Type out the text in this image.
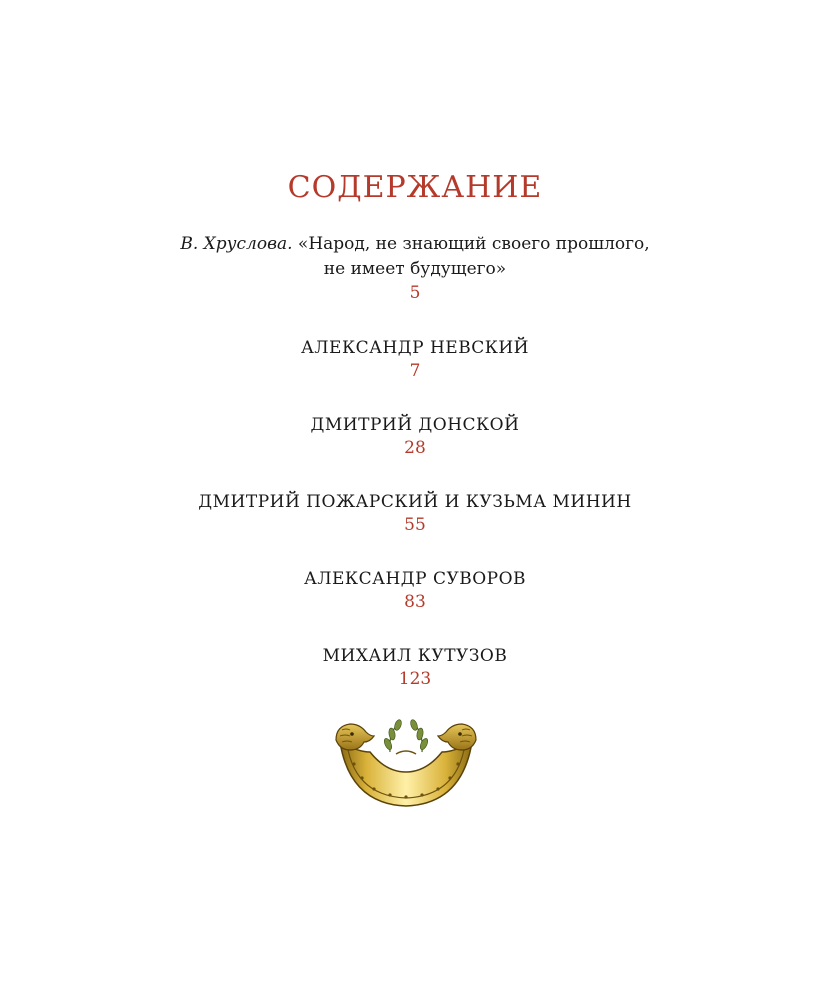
СОДЕРЖАНИЕ
В. Хруслова. «Народ, не знающий своего прошлого,
не имеет будущего»
5
АЛЕКСАНДР НЕВСКИЙ
7
ДМИТРИЙ ДОНСКОЙ
28
ДМИТРИЙ ПОЖАРСКИЙ И КУЗЬМА МИНИН
55
АЛЕКСАНДР СУВОРОВ
83
МИХАИЛ КУТУЗОВ
123
